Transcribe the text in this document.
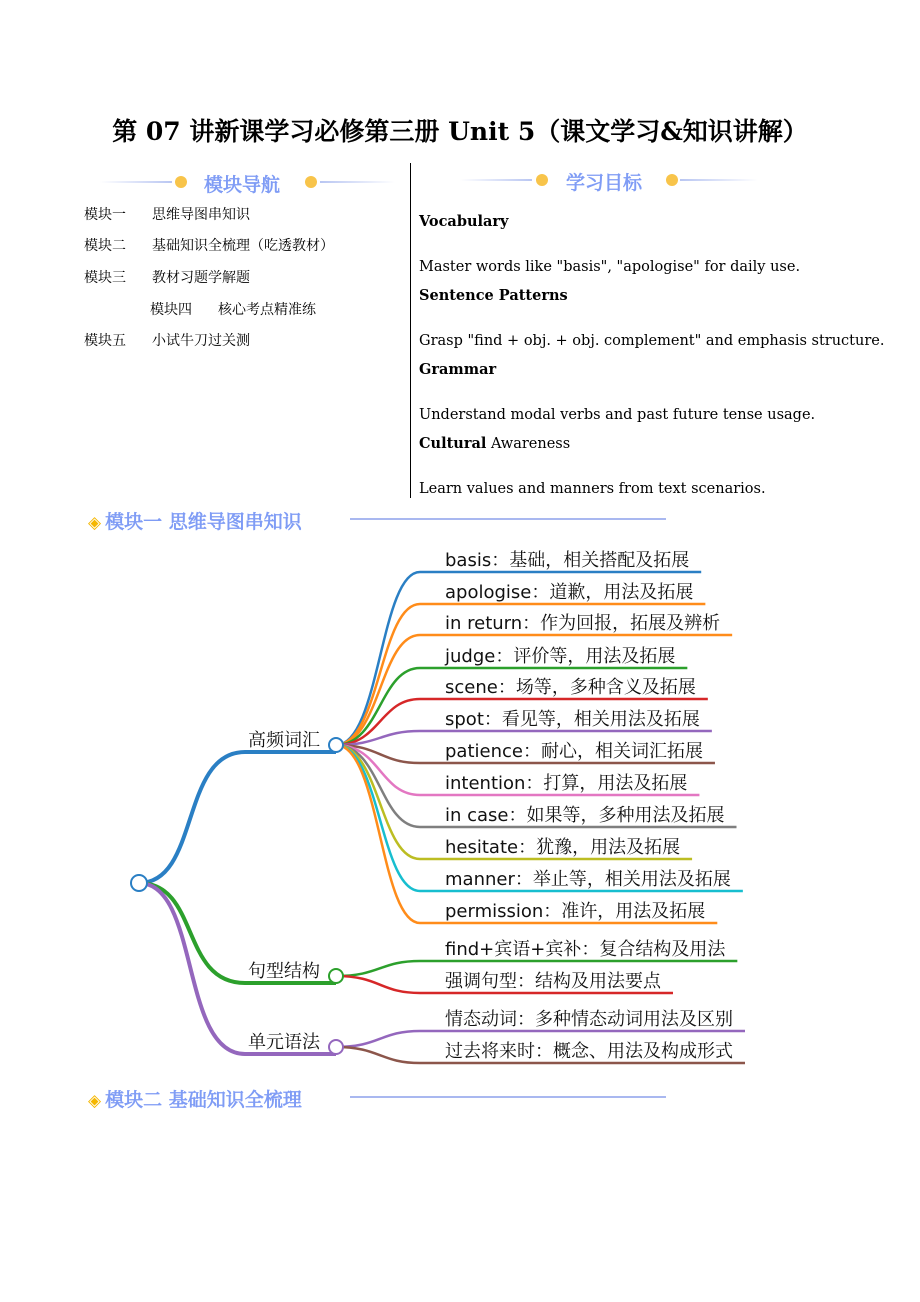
第 07 讲新课学习必修第三册 Unit 5（课文学习&知识讲解）
模块导航	学习目标
模块一 思维导图串知识
模块二 基础知识全梳理（吃透教材）
模块三 教材习题学解题
模块四 核心考点精准练
模块五 小试牛刀过关测
Vocabulary
Master words like "basis", "apologise" for daily use.
Sentence Patterns
Grasp "find + obj. + obj. complement" and emphasis structure.
Grammar
Understand modal verbs and past future tense usage.
Cultural Awareness
Learn values and manners from text scenarios.
◈ 模块一 思维导图串知识
高频词汇
basis：基础，相关搭配及拓展
apologise：道歉，用法及拓展
in return：作为回报，拓展及辨析
judge：评价等，用法及拓展
scene：场等，多种含义及拓展
spot：看见等，相关用法及拓展
patience：耐心，相关词汇拓展
intention：打算，用法及拓展
in case：如果等，多种用法及拓展
hesitate：犹豫，用法及拓展
manner：举止等，相关用法及拓展
permission：准许，用法及拓展
句型结构
find+宾语+宾补：复合结构及用法
强调句型：结构及用法要点
单元语法
情态动词：多种情态动词用法及区别
过去将来时：概念、用法及构成形式
◈ 模块二 基础知识全梳理
